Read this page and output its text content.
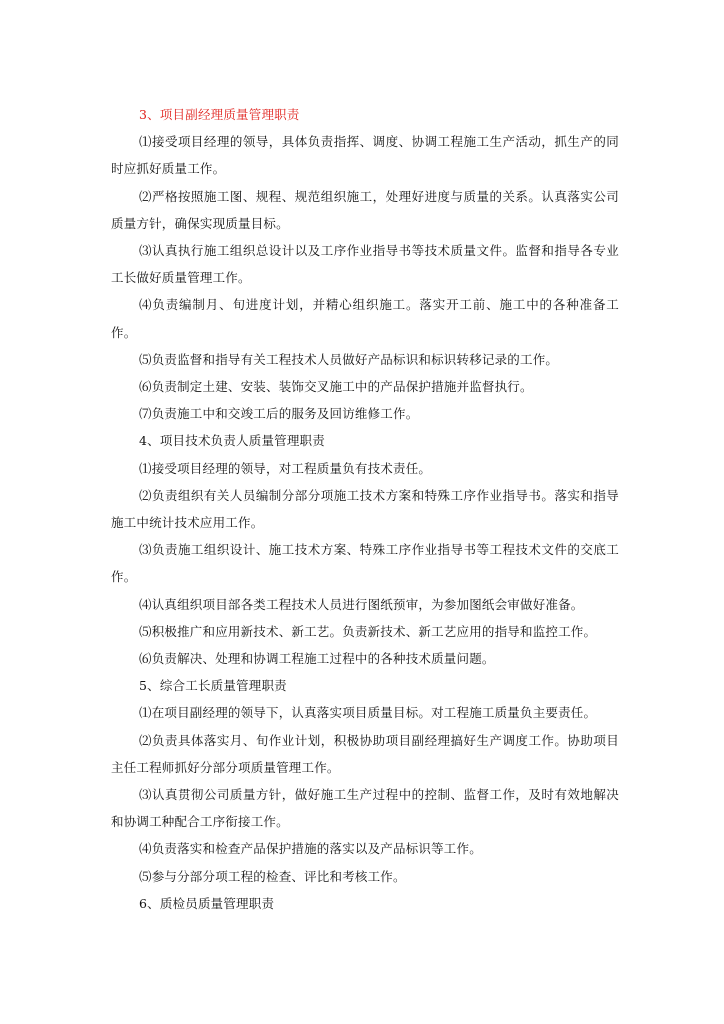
3、项目副经理质量管理职责

⑴接受项目经理的领导，具体负责指挥、调度、协调工程施工生产活动，抓生产的同时应抓好质量工作。

⑵严格按照施工图、规程、规范组织施工，处理好进度与质量的关系。认真落实公司质量方针，确保实现质量目标。

⑶认真执行施工组织总设计以及工序作业指导书等技术质量文件。监督和指导各专业工长做好质量管理工作。

⑷负责编制月、旬进度计划，并精心组织施工。落实开工前、施工中的各种准备工作。

⑸负责监督和指导有关工程技术人员做好产品标识和标识转移记录的工作。

⑹负责制定土建、安装、装饰交叉施工中的产品保护措施并监督执行。

⑺负责施工中和交竣工后的服务及回访维修工作。

4、项目技术负责人质量管理职责

⑴接受项目经理的领导，对工程质量负有技术责任。

⑵负责组织有关人员编制分部分项施工技术方案和特殊工序作业指导书。落实和指导施工中统计技术应用工作。

⑶负责施工组织设计、施工技术方案、特殊工序作业指导书等工程技术文件的交底工作。

⑷认真组织项目部各类工程技术人员进行图纸预审，为参加图纸会审做好准备。

⑸积极推广和应用新技术、新工艺。负责新技术、新工艺应用的指导和监控工作。

⑹负责解决、处理和协调工程施工过程中的各种技术质量问题。

5、综合工长质量管理职责

⑴在项目副经理的领导下，认真落实项目质量目标。对工程施工质量负主要责任。

⑵负责具体落实月、旬作业计划，积极协助项目副经理搞好生产调度工作。协助项目主任工程师抓好分部分项质量管理工作。

⑶认真贯彻公司质量方针，做好施工生产过程中的控制、监督工作，及时有效地解决和协调工种配合工序衔接工作。

⑷负责落实和检查产品保护措施的落实以及产品标识等工作。

⑸参与分部分项工程的检查、评比和考核工作。

6、质检员质量管理职责
